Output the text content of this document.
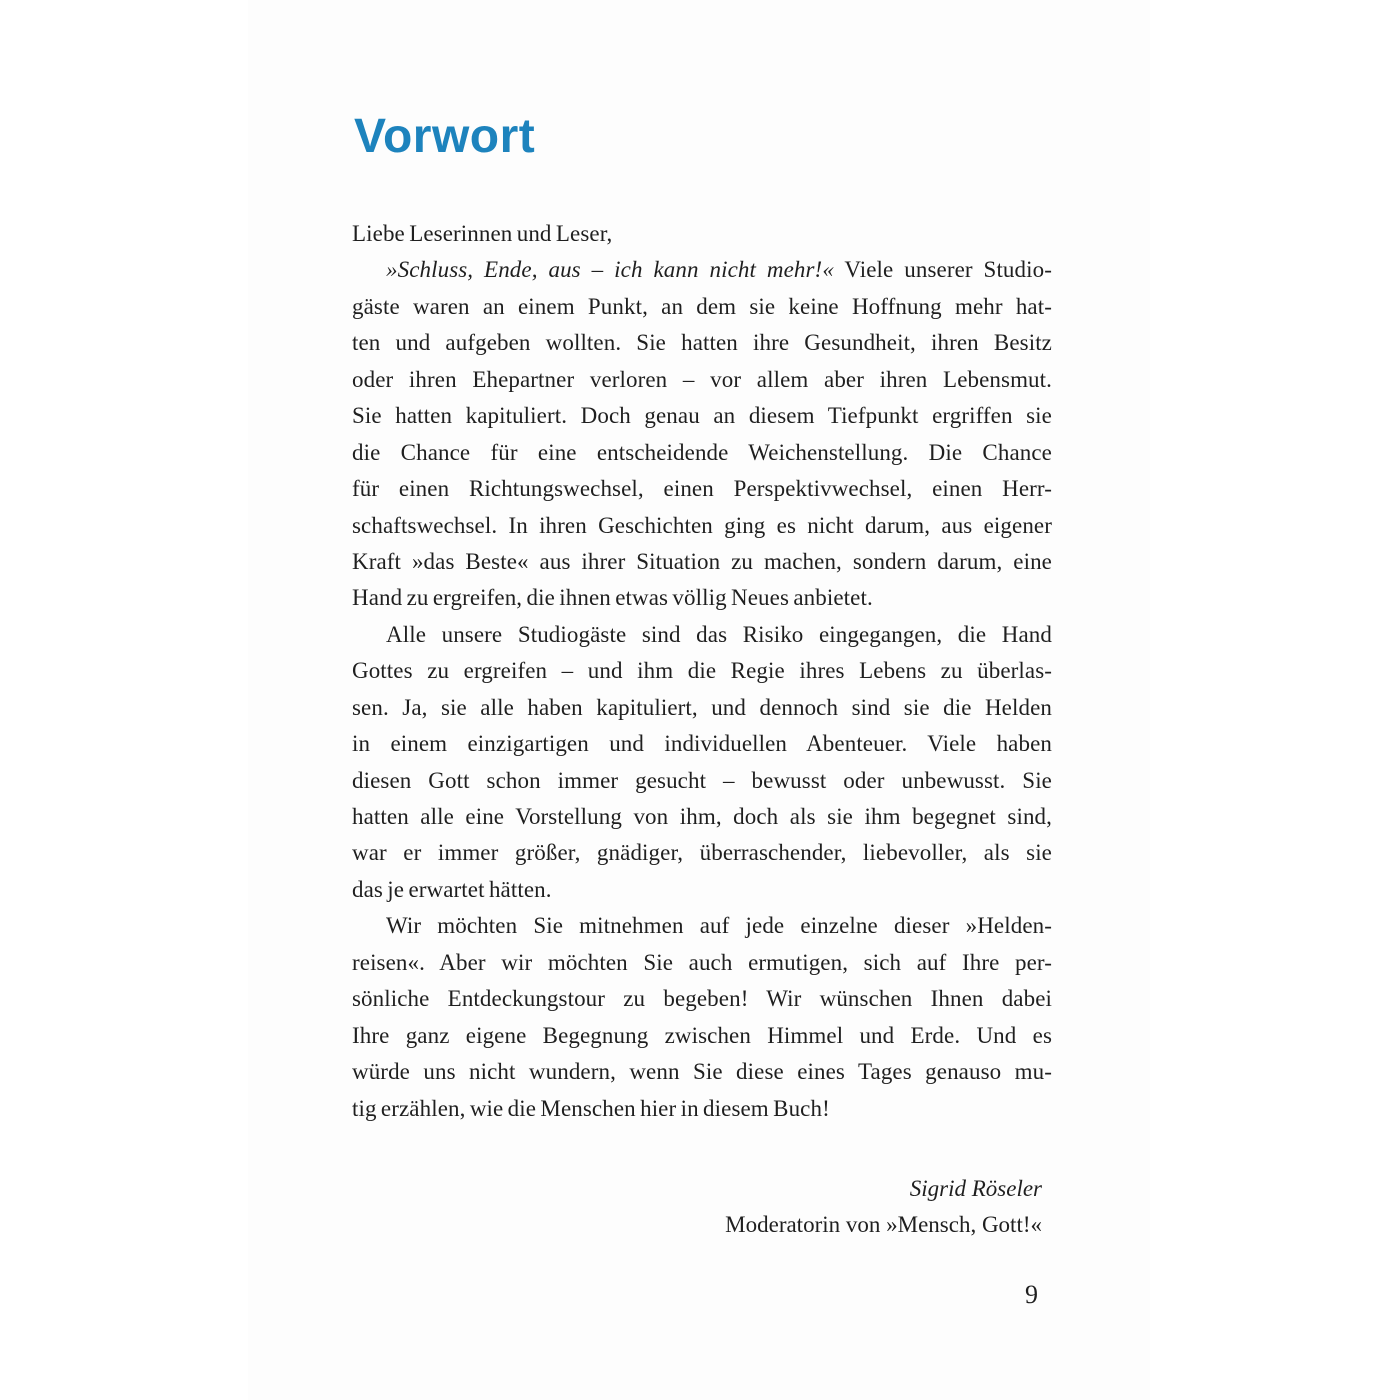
Vorwort
Liebe Leserinnen und Leser,
»Schluss, Ende, aus – ich kann nicht mehr!« Viele unserer Studio-
gäste waren an einem Punkt, an dem sie keine Hoffnung mehr hat-
ten und aufgeben wollten. Sie hatten ihre Gesundheit, ihren Besitz
oder ihren Ehepartner verloren – vor allem aber ihren Lebensmut.
Sie hatten kapituliert. Doch genau an diesem Tiefpunkt ergriffen sie
die Chance für eine entscheidende Weichenstellung. Die Chance
für einen Richtungswechsel, einen Perspektivwechsel, einen Herr-
schaftswechsel. In ihren Geschichten ging es nicht darum, aus eigener
Kraft »das Beste« aus ihrer Situation zu machen, sondern darum, eine
Hand zu ergreifen, die ihnen etwas völlig Neues anbietet.
Alle unsere Studiogäste sind das Risiko eingegangen, die Hand
Gottes zu ergreifen – und ihm die Regie ihres Lebens zu überlas-
sen. Ja, sie alle haben kapituliert, und dennoch sind sie die Helden
in einem einzigartigen und individuellen Abenteuer. Viele haben
diesen Gott schon immer gesucht – bewusst oder unbewusst. Sie
hatten alle eine Vorstellung von ihm, doch als sie ihm begegnet sind,
war er immer größer, gnädiger, überraschender, liebevoller, als sie
das je erwartet hätten.
Wir möchten Sie mitnehmen auf jede einzelne dieser »Helden-
reisen«. Aber wir möchten Sie auch ermutigen, sich auf Ihre per-
sönliche Entdeckungstour zu begeben! Wir wünschen Ihnen dabei
Ihre ganz eigene Begegnung zwischen Himmel und Erde. Und es
würde uns nicht wundern, wenn Sie diese eines Tages genauso mu-
tig erzählen, wie die Menschen hier in diesem Buch!
Sigrid Röseler
Moderatorin von »Mensch, Gott!«
9
